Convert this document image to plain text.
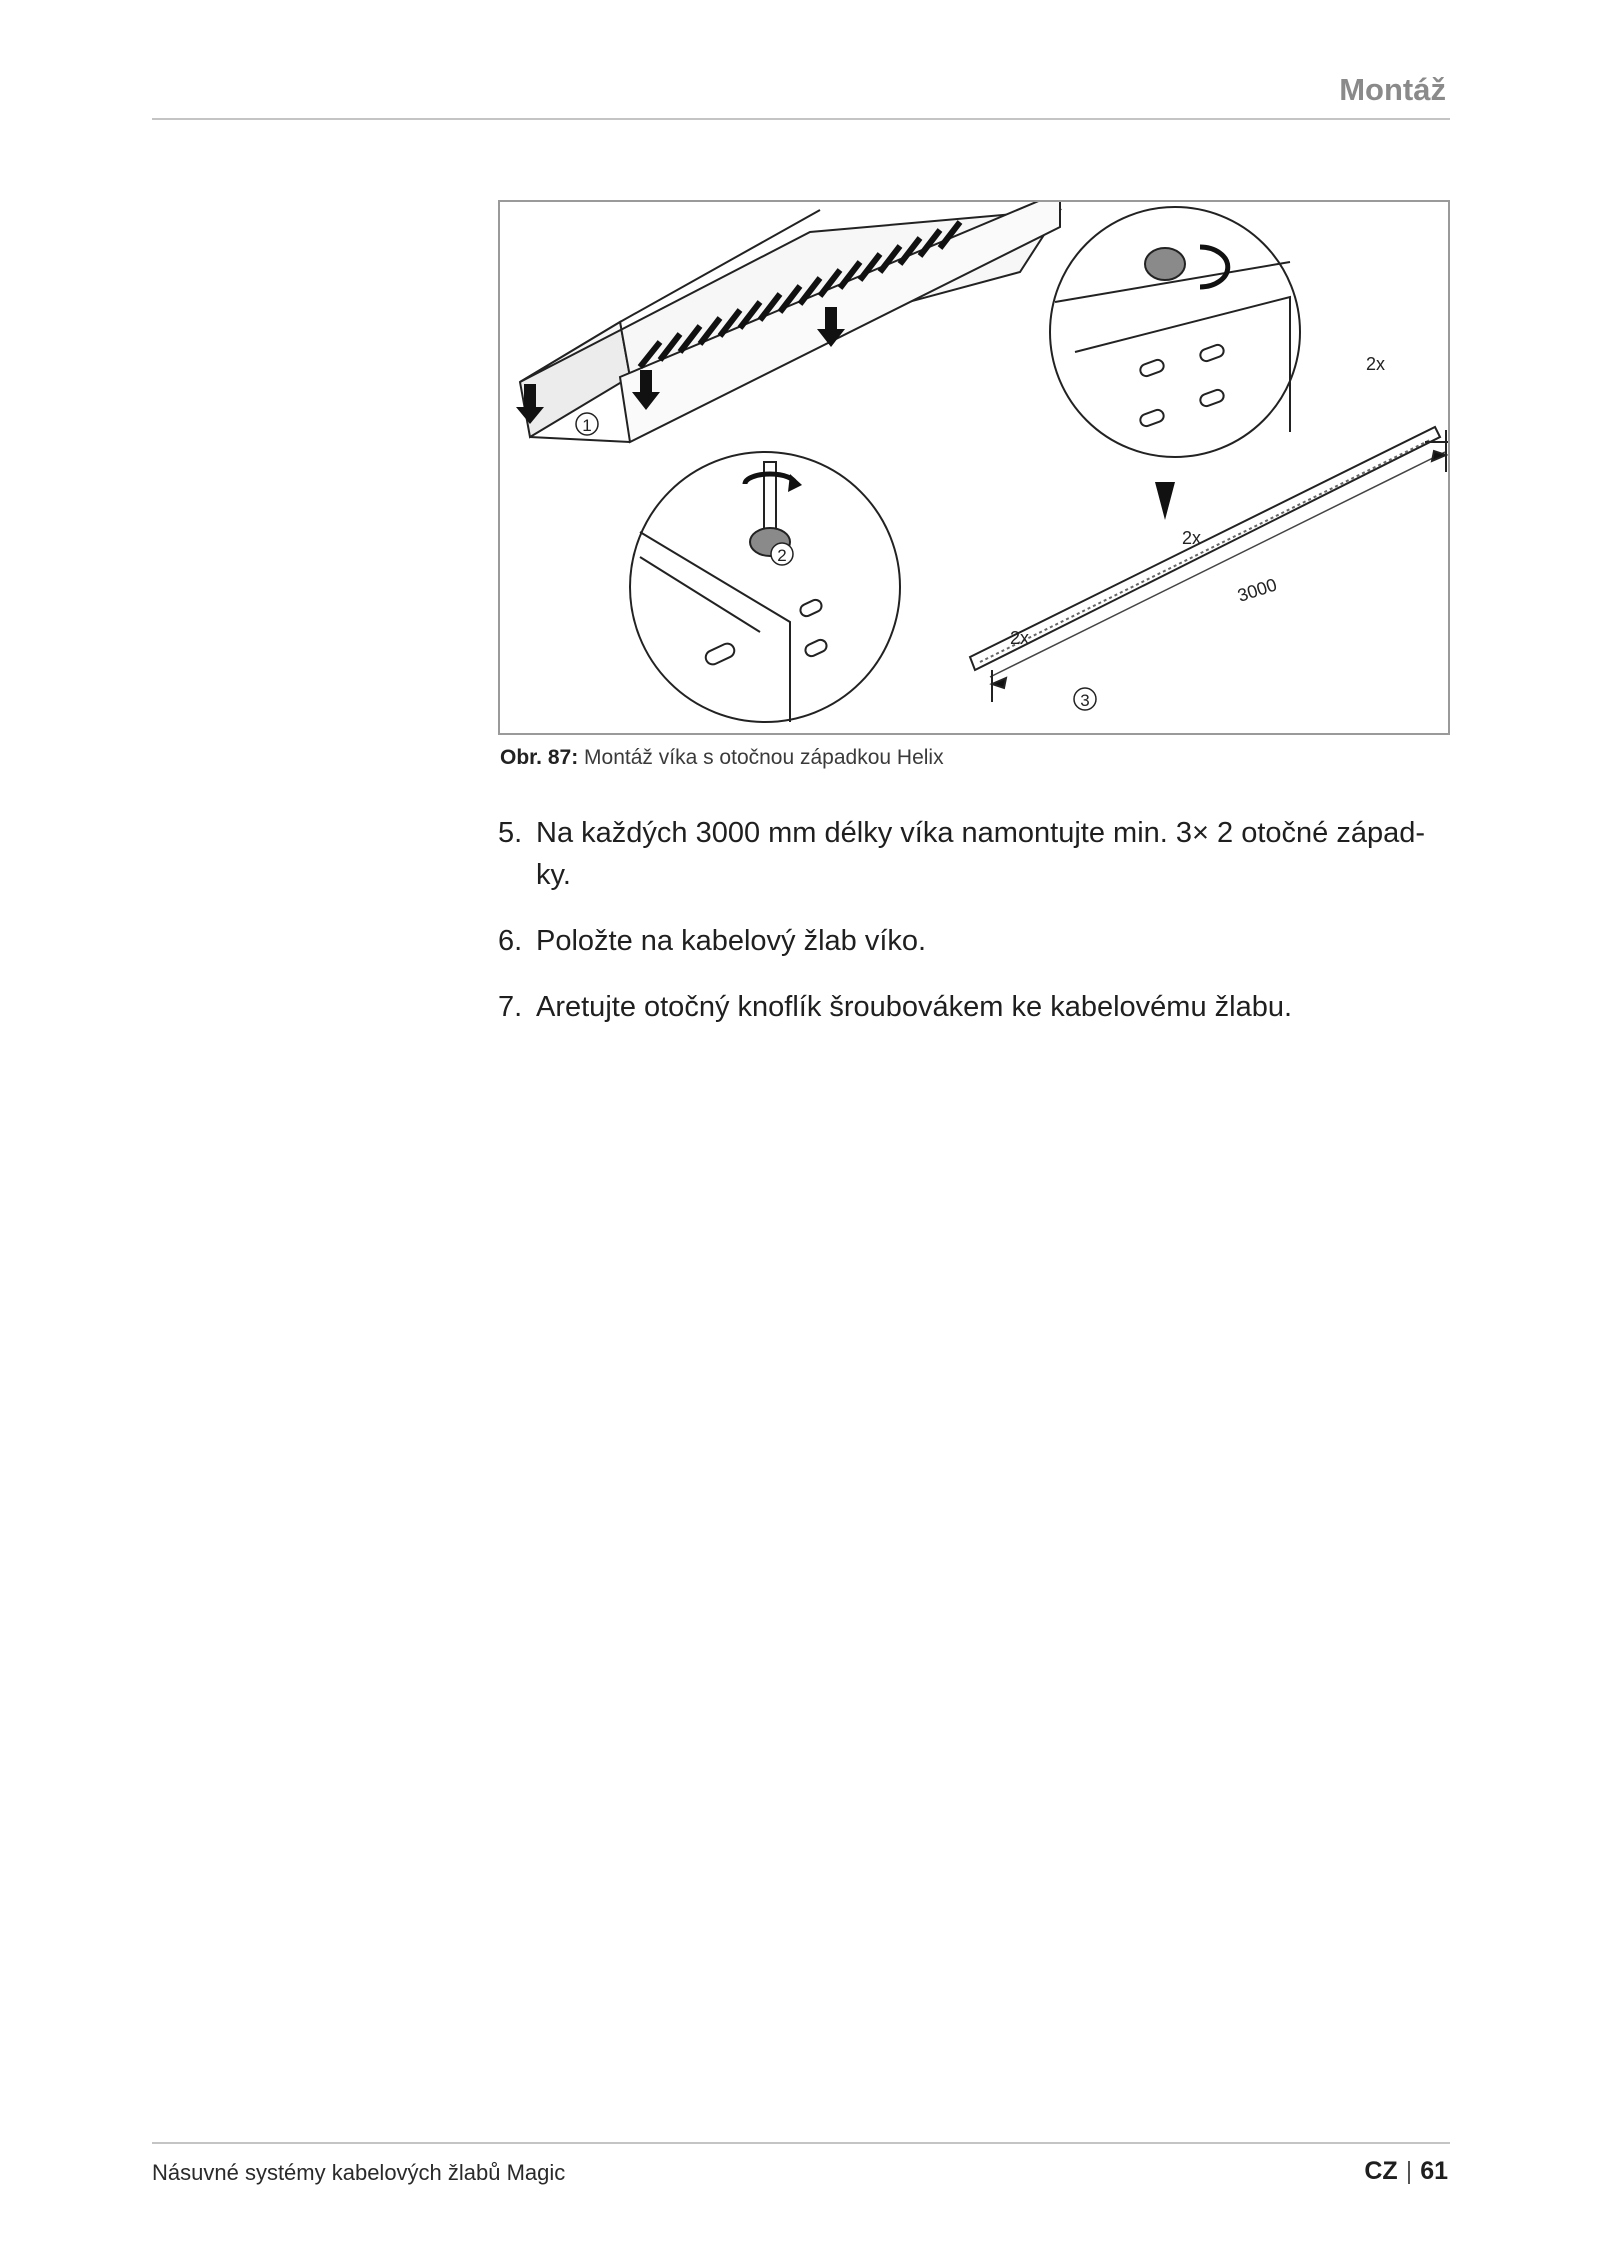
Montáž
1
2
2x
2x
2x
3000
3
Obr. 87: Montáž víka s otočnou západkou Helix
5. Na každých 3000 mm délky víka namontujte min. 3× 2 otočné západ-ky.
6. Položte na kabelový žlab víko.
7. Aretujte otočný knoflík šroubovákem ke kabelovému žlabu.
Násuvné systémy kabelových žlabů Magic	CZ | 61
